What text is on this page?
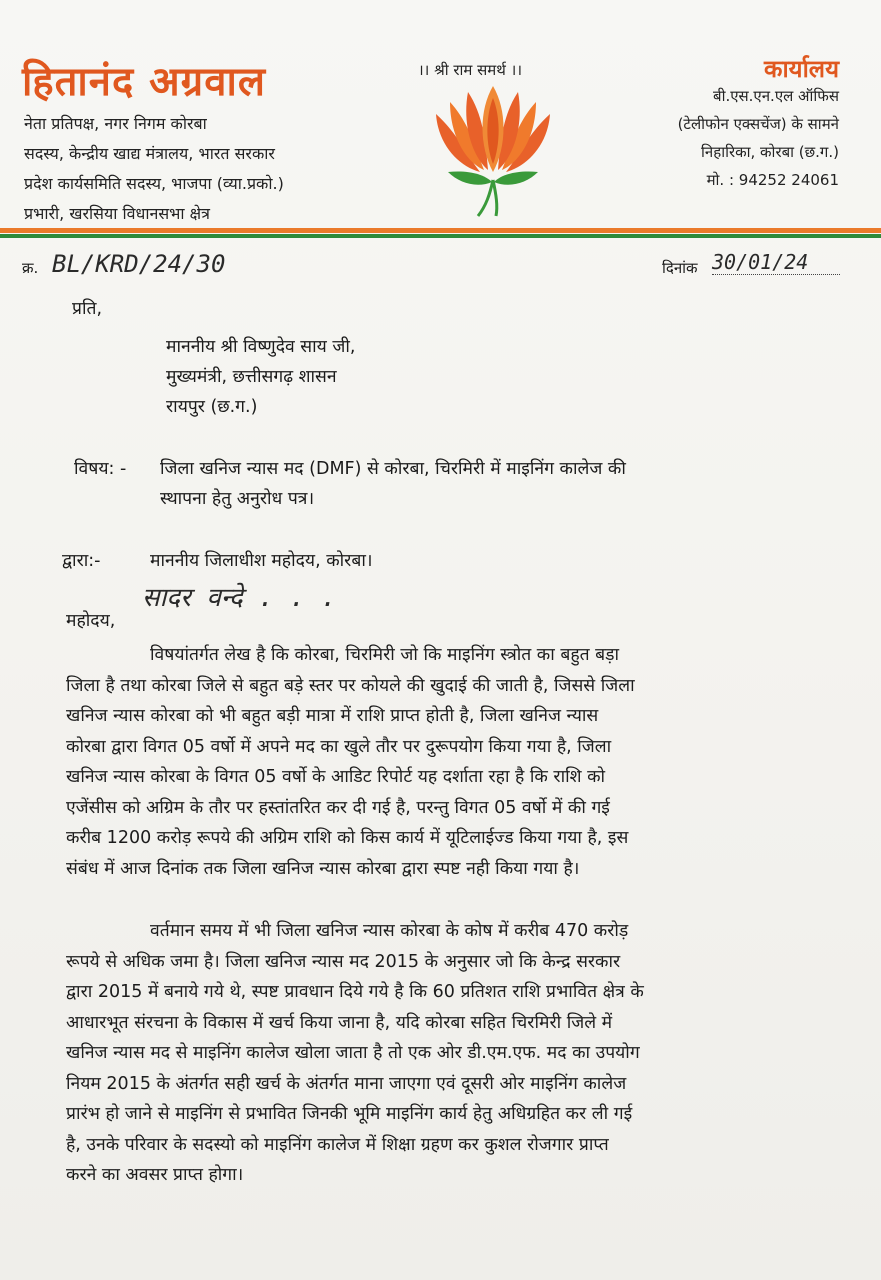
हितानंद अग्रवाल
नेता प्रतिपक्ष, नगर निगम कोरबा
सदस्य, केन्द्रीय खाद्य मंत्रालय, भारत सरकार
प्रदेश कार्यसमिति सदस्य, भाजपा (व्या.प्रको.)
प्रभारी, खरसिया विधानसभा क्षेत्र
।। श्री राम समर्थ ।।	कार्यालय
बी.एस.एन.एल ऑफिस
(टेलीफोन एक्सचेंज) के सामने
निहारिका, कोरबा (छ.ग.)
मो. : 94252 24061
क्र. BL/KRD/24/30	दिनांक 30/01/24
प्रति,
माननीय श्री विष्णुदेव साय जी,
मुख्यमंत्री, छत्तीसगढ़ शासन
रायपुर (छ.ग.)
विषय: - जिला खनिज न्यास मद (DMF) से कोरबा, चिरमिरी में माइनिंग कालेज की
स्थापना हेतु अनुरोध पत्र।
द्वारा:-	माननीय जिलाधीश महोदय, कोरबा।
सादर वन्दे . . .
महोदय,
विषयांतर्गत लेख है कि कोरबा, चिरमिरी जो कि माइनिंग स्त्रोत का बहुत बड़ा
जिला है तथा कोरबा जिले से बहुत बड़े स्तर पर कोयले की खुदाई की जाती है, जिससे जिला
खनिज न्यास कोरबा को भी बहुत बड़ी मात्रा में राशि प्राप्त होती है, जिला खनिज न्यास
कोरबा द्वारा विगत 05 वर्षो में अपने मद का खुले तौर पर दुरूपयोग किया गया है, जिला
खनिज न्यास कोरबा के विगत 05 वर्षो के आडिट रिपोर्ट यह दर्शाता रहा है कि राशि को
एजेंसीस को अग्रिम के तौर पर हस्तांतरित कर दी गई है, परन्तु विगत 05 वर्षो में की गई
करीब 1200 करोड़ रूपये की अग्रिम राशि को किस कार्य में यूटिलाईज्ड किया गया है, इस
संबंध में आज दिनांक तक जिला खनिज न्यास कोरबा द्वारा स्पष्ट नही किया गया है।
वर्तमान समय में भी जिला खनिज न्यास कोरबा के कोष में करीब 470 करोड़
रूपये से अधिक जमा है। जिला खनिज न्यास मद 2015 के अनुसार जो कि केन्द्र सरकार
द्वारा 2015 में बनाये गये थे, स्पष्ट प्रावधान दिये गये है कि 60 प्रतिशत राशि प्रभावित क्षेत्र के
आधारभूत संरचना के विकास में खर्च किया जाना है, यदि कोरबा सहित चिरमिरी जिले में
खनिज न्यास मद से माइनिंग कालेज खोला जाता है तो एक ओर डी.एम.एफ. मद का उपयोग
नियम 2015 के अंतर्गत सही खर्च के अंतर्गत माना जाएगा एवं दूसरी ओर माइनिंग कालेज
प्रारंभ हो जाने से माइनिंग से प्रभावित जिनकी भूमि माइनिंग कार्य हेतु अधिग्रहित कर ली गई
है, उनके परिवार के सदस्यो को माइनिंग कालेज में शिक्षा ग्रहण कर कुशल रोजगार प्राप्त
करने का अवसर प्राप्त होगा।
